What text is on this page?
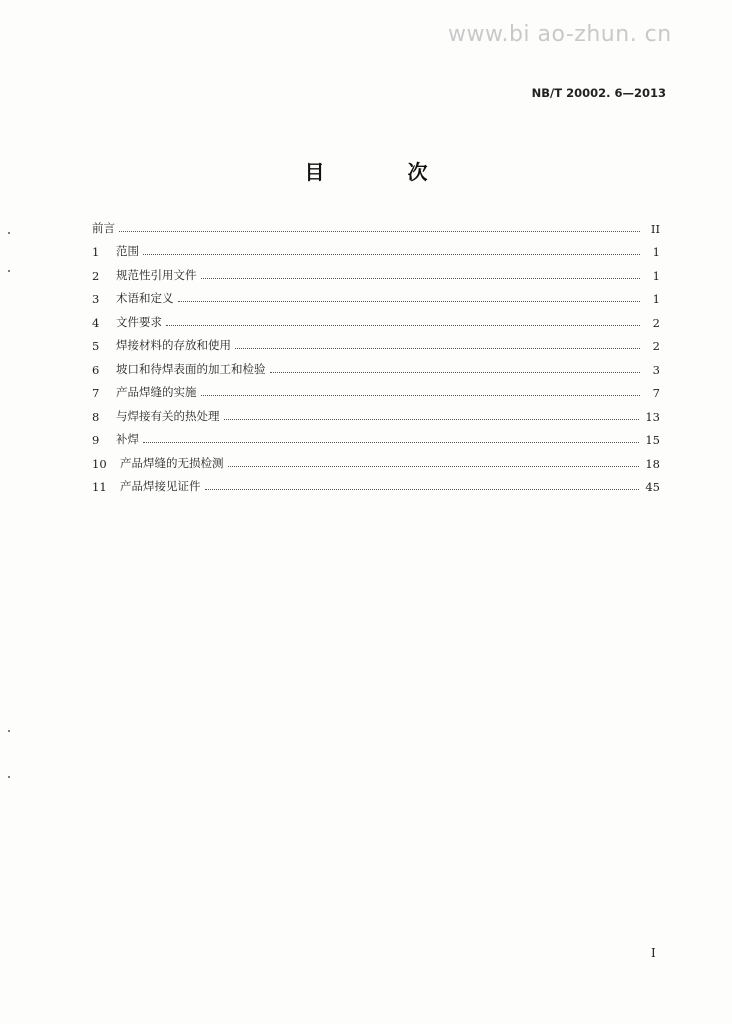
www.bi ao-zhun. cn
NB/T 20002. 6—2013
目 次
前言	II
1	范围	1
2	规范性引用文件	1
3	术语和定义	1
4	文件要求	2
5	焊接材料的存放和使用	2
6	坡口和待焊表面的加工和检验	3
7	产品焊缝的实施	7
8	与焊接有关的热处理	13
9	补焊	15
10	产品焊缝的无损检测	18
11	产品焊接见证件	45
I
